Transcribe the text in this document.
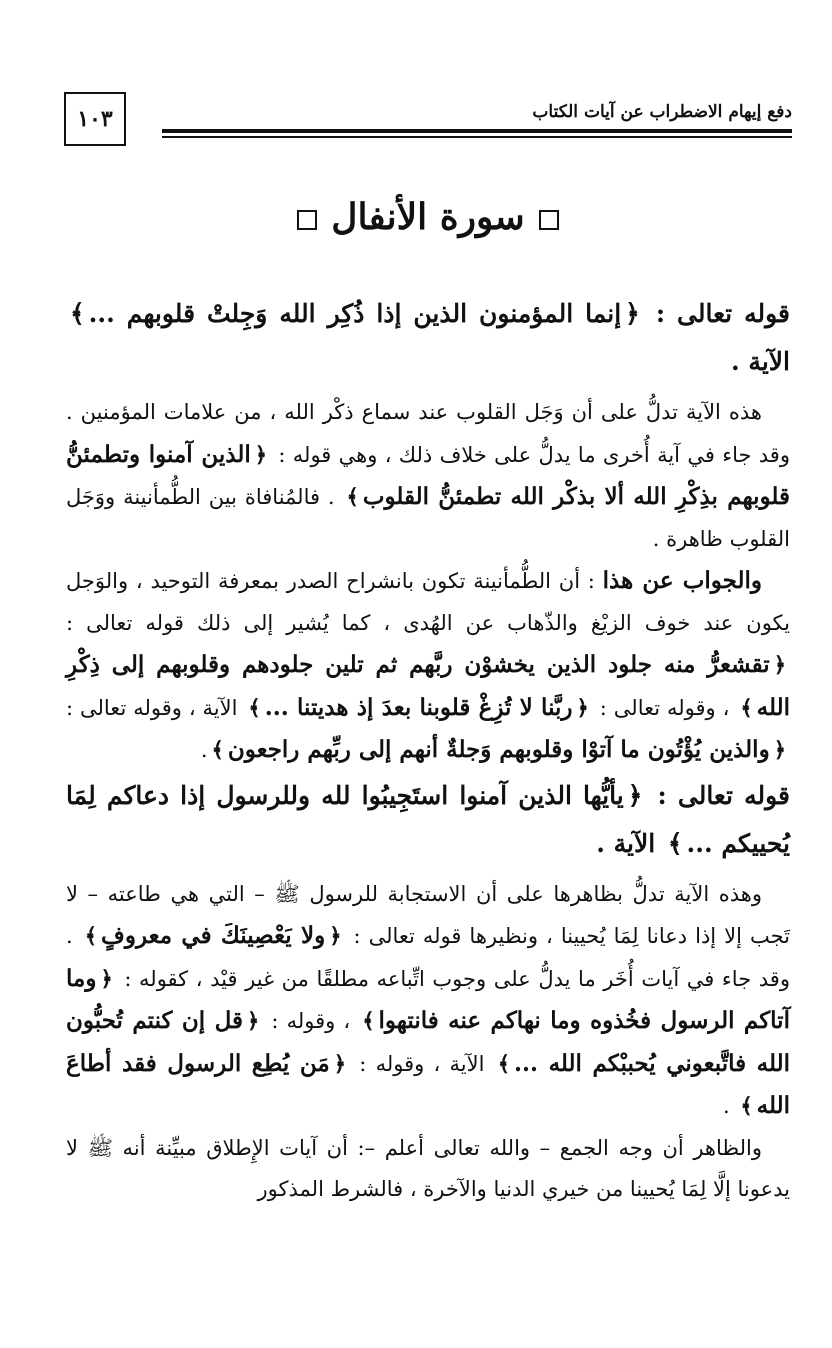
١٠٣	دفع إيهام الاضطراب عن آيات الكتاب
سورة الأنفال

قوله تعالى : ﴿إنما المؤمنون الذين إذا ذُكِر الله وَجِلتْ قلوبهم ...﴾ الآية .

هذه الآية تدلُّ على أن وَجَل القلوب عند سماع ذكْر الله ، من علامات المؤمنين . وقد جاء في آية أُخرى ما يدلُّ على خلاف ذلك ، وهي قوله : ﴿الذين آمنوا وتطمئنُّ قلوبهم بذِكْرِ الله ألا بذكْر الله تطمئنُّ القلوب﴾ . فالمُنافاة بين الطُّمأنينة ووَجَل القلوب ظاهرة .

والجواب عن هذا : أن الطُّمأنينة تكون بانشراح الصدر بمعرفة التوحيد ، والوَجل يكون عند خوف الزيْغ والذّهاب عن الهُدى ، كما يُشير إلى ذلك قوله تعالى : ﴿تقشعرُّ منه جلود الذين يخشوْن ربَّهم ثم تلين جلودهم وقلوبهم إلى ذِكْرِ الله﴾ ، وقوله تعالى : ﴿ربَّنا لا تُزِغْ قلوبنا بعدَ إذ هديتنا ...﴾ الآية ، وقوله تعالى : ﴿والذين يُؤْتُون ما آتوْا وقلوبهم وَجلةٌ أنهم إلى ربِّهم راجعون﴾.

قوله تعالى : ﴿يأيُّها الذين آمنوا استَجِيبُوا لله وللرسول إذا دعاكم لِمَا يُحييكم ...﴾ الآية .

وهذه الآية تدلُّ بظاهرها على أن الاستجابة للرسول ﷺ – التي هي طاعته – لا تَجب إلا إذا دعانا لِمَا يُحيينا ، ونظيرها قوله تعالى : ﴿ولا يَعْصِينَكَ في معروفٍ﴾ . وقد جاء في آيات أُخَر ما يدلُّ على وجوب اتِّباعه مطلقًا من غير قيْد ، كقوله : ﴿وما آتاكم الرسول فخُذوه وما نهاكم عنه فانتهوا﴾ ، وقوله : ﴿قل إن كنتم تُحبُّون الله فاتَّبعوني يُحببْكم الله ...﴾ الآية ، وقوله : ﴿مَن يُطِع الرسول فقد أطاعَ الله﴾ .

والظاهر أن وجه الجمع – والله تعالى أعلم –: أن آيات الإِطلاق مبيِّنة أنه ﷺ لا يدعونا إلَّا لِمَا يُحيينا من خيري الدنيا والآخرة ، فالشرط المذكور
